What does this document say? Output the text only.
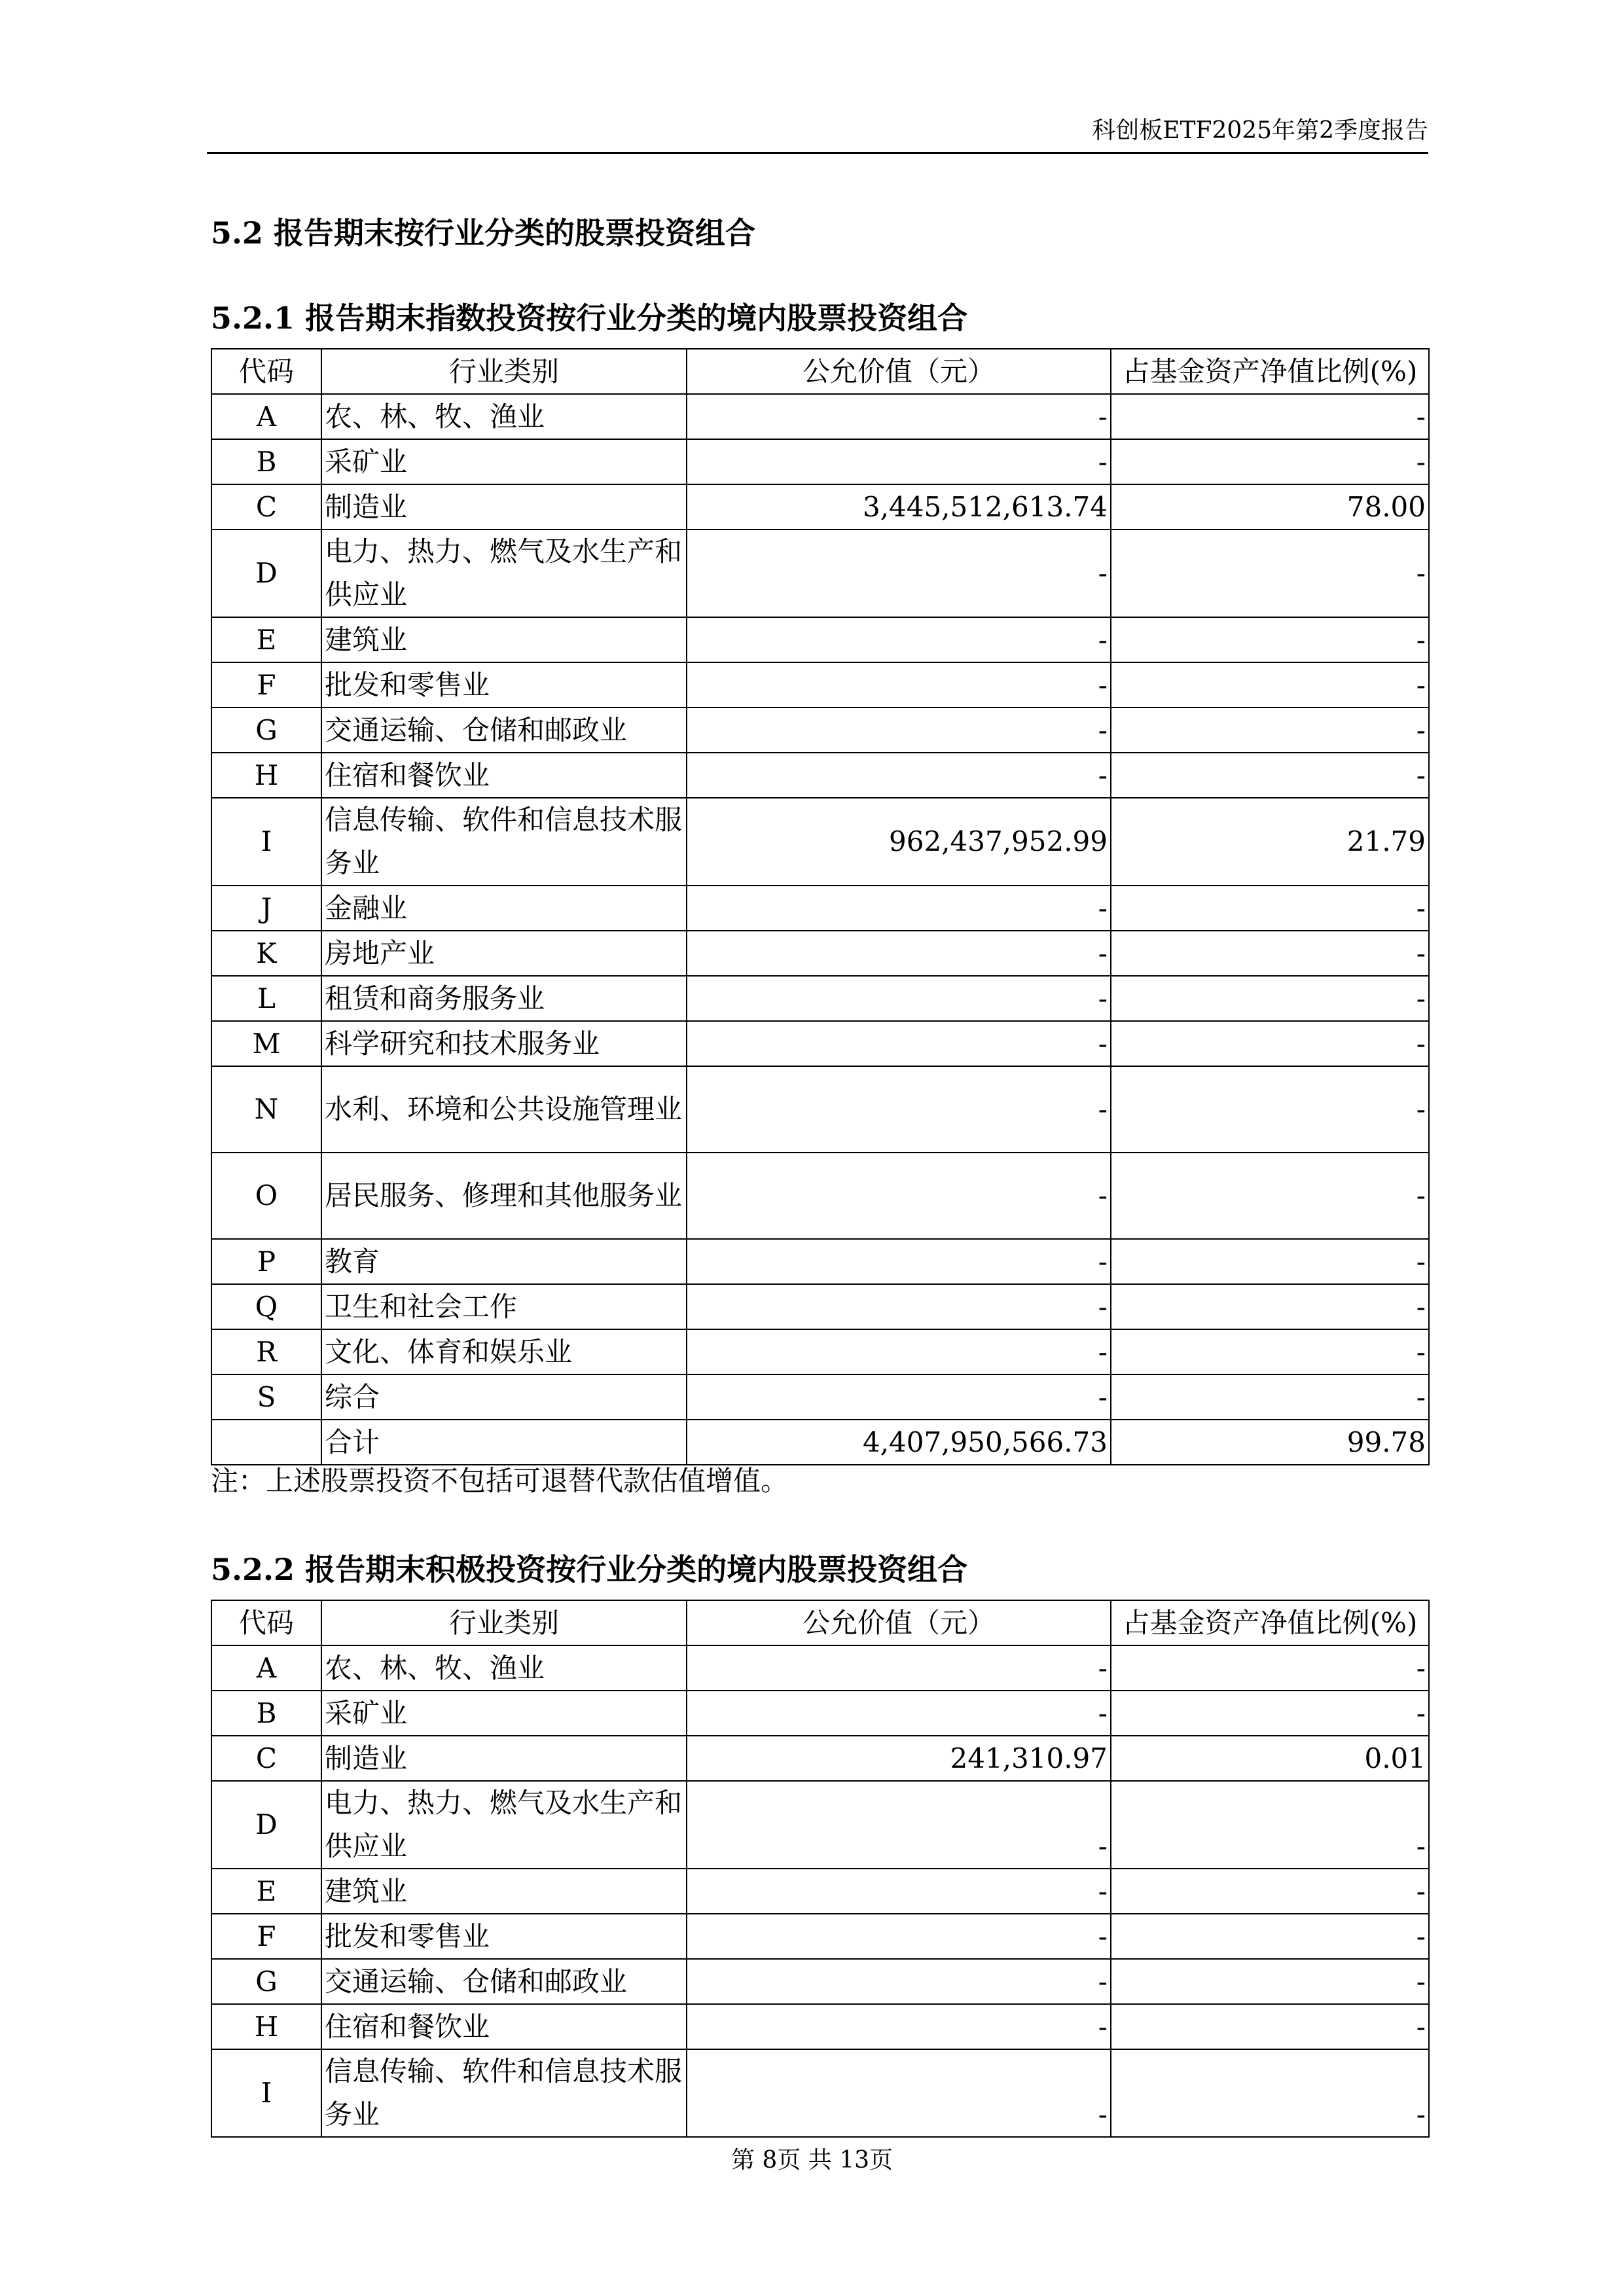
科创板ETF2025年第2季度报告
5.2 报告期末按行业分类的股票投资组合
5.2.1 报告期末指数投资按行业分类的境内股票投资组合
代码	行业类别	公允价值（元）	占基金资产净值比例(%)
A	农、林、牧、渔业	-	-
B	采矿业	-	-
C	制造业	3,445,512,613.74	78.00
D	电力、热力、燃气及水生产和供应业	-	-
E	建筑业	-	-
F	批发和零售业	-	-
G	交通运输、仓储和邮政业	-	-
H	住宿和餐饮业	-	-
I	信息传输、软件和信息技术服务业	962,437,952.99	21.79
J	金融业	-	-
K	房地产业	-	-
L	租赁和商务服务业	-	-
M	科学研究和技术服务业	-	-
N	水利、环境和公共设施管理业	-	-
O	居民服务、修理和其他服务业	-	-
P	教育	-	-
Q	卫生和社会工作	-	-
R	文化、体育和娱乐业	-	-
S	综合	-	-
	合计	4,407,950,566.73	99.78
注：上述股票投资不包括可退替代款估值增值。
5.2.2 报告期末积极投资按行业分类的境内股票投资组合
代码	行业类别	公允价值（元）	占基金资产净值比例(%)
A	农、林、牧、渔业	-	-
B	采矿业	-	-
C	制造业	241,310.97	0.01
D	电力、热力、燃气及水生产和供应业	-	-
E	建筑业	-	-
F	批发和零售业	-	-
G	交通运输、仓储和邮政业	-	-
H	住宿和餐饮业	-	-
I	信息传输、软件和信息技术服务业	-	-
第 8页 共 13页
